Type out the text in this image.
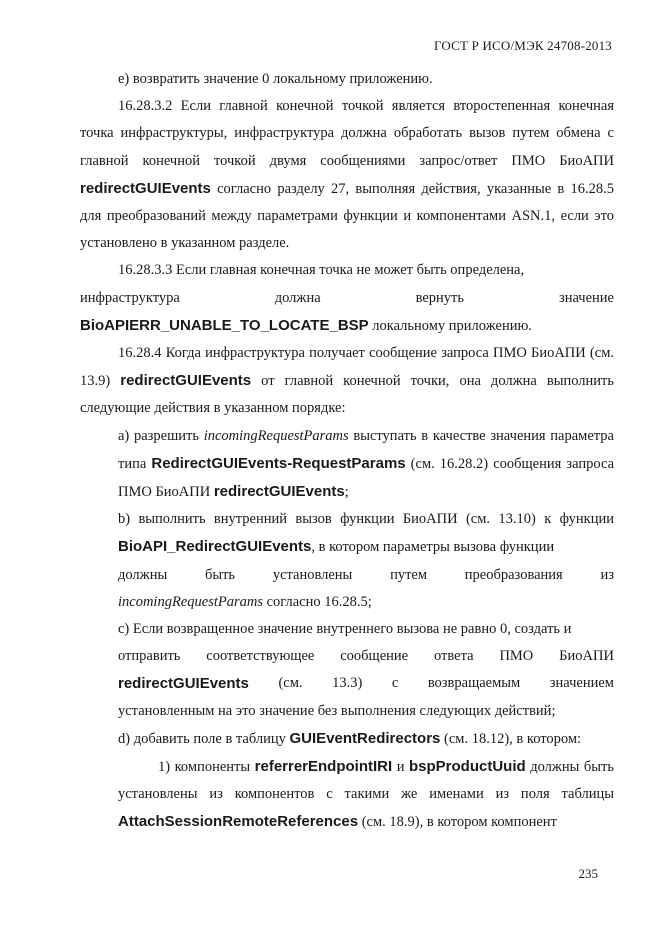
ГОСТ Р ИСО/МЭК 24708-2013

e) возвратить значение 0 локальному приложению.

16.28.3.2 Если главной конечной точкой является второстепенная конечная точка инфраструктуры, инфраструктура должна обработать вызов путем обмена с главной конечной точкой двумя сообщениями запрос/ответ ПМО БиоАПИ redirectGUIEvents согласно разделу 27, выполняя действия, указанные в 16.28.5 для преобразований между параметрами функции и компонентами ASN.1, если это установлено в указанном разделе.

16.28.3.3 Если главная конечная точка не может быть определена,

инфраструктура	должна	вернуть	значение

BioAPIERR_UNABLE_TO_LOCATE_BSP локальному приложению.

16.28.4 Когда инфраструктура получает сообщение запроса ПМО БиоАПИ (см. 13.9) redirectGUIEvents от главной конечной точки, она должна выполнить следующие действия в указанном порядке:

а) разрешить incomingRequestParams выступать в качестве значения параметра типа RedirectGUIEvents-RequestParams (см. 16.28.2) сообщения запроса ПМО БиоАПИ redirectGUIEvents;

b) выполнить внутренний вызов функции БиоАПИ (см. 13.10) к функции BioAPI_RedirectGUIEvents, в котором параметры вызова функции

должны	быть	установлены	путем	преобразования	из

incomingRequestParams согласно 16.28.5;

c) Если возвращенное значение внутреннего вызова не равно 0, создать и

отправить соответствующее сообщение ответа ПМО БиоАПИ
redirectGUIEvents (см. 13.3) с возвращаемым значением

установленным на это значение без выполнения следующих действий;

d) добавить поле в таблицу GUIEventRedirectors (см. 18.12), в котором:

1) компоненты referrerEndpointIRI и bspProductUuid должны быть установлены из компонентов с такими же именами из поля таблицы AttachSessionRemoteReferences (см. 18.9), в котором компонент

235
